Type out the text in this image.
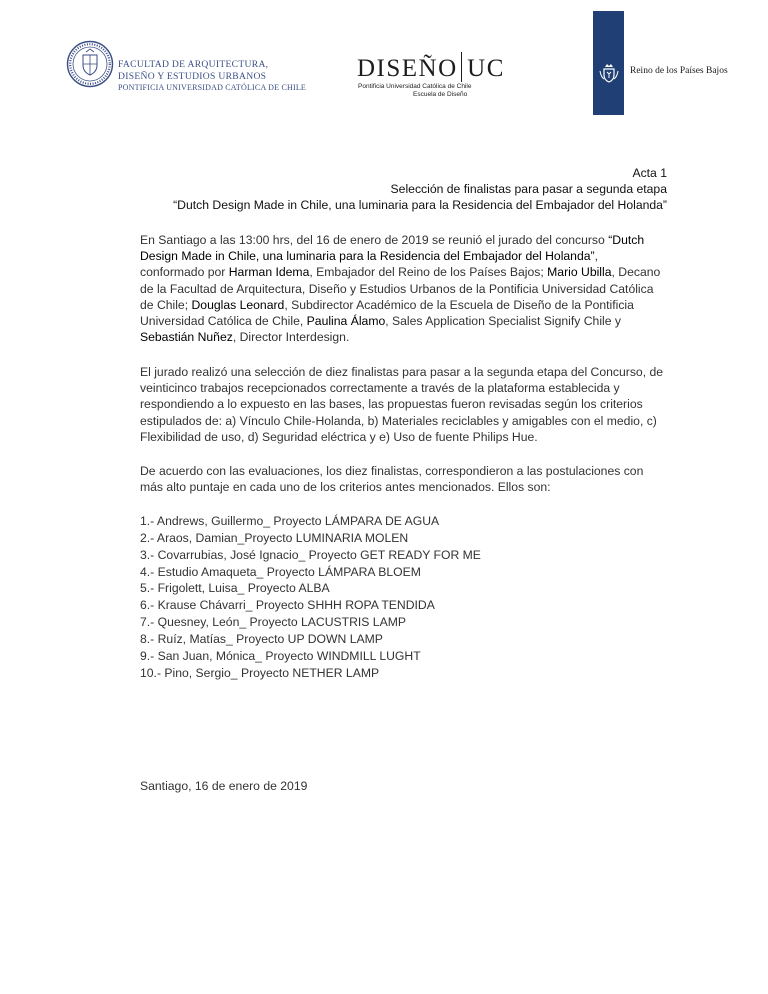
FACULTAD DE ARQUITECTURA,
DISEÑO Y ESTUDIOS URBANOS
PONTIFICIA UNIVERSIDAD CATÓLICA DE CHILE
DISEÑO UC
Pontificia Universidad Católica de Chile
Escuela de Diseño
Reino de los Países Bajos
Acta 1
Selección de finalistas para pasar a segunda etapa
“Dutch Design Made in Chile, una luminaria para la Residencia del Embajador del Holanda”
En Santiago a las 13:00 hrs, del 16 de enero de 2019 se reunió el jurado del concurso “Dutch Design Made in Chile, una luminaria para la Residencia del Embajador del Holanda”, conformado por Harman Idema, Embajador del Reino de los Países Bajos; Mario Ubilla, Decano de la Facultad de Arquitectura, Diseño y Estudios Urbanos de la Pontificia Universidad Católica de Chile; Douglas Leonard, Subdirector Académico de la Escuela de Diseño de la Pontificia Universidad Católica de Chile, Paulina Álamo, Sales Application Specialist Signify Chile y Sebastián Nuñez, Director Interdesign.
El jurado realizó una selección de diez finalistas para pasar a la segunda etapa del Concurso, de veinticinco trabajos recepcionados correctamente a través de la plataforma establecida y respondiendo a lo expuesto en las bases, las propuestas fueron revisadas según los criterios estipulados de: a) Vínculo Chile-Holanda, b) Materiales reciclables y amigables con el medio, c) Flexibilidad de uso, d) Seguridad eléctrica y e) Uso de fuente Philips Hue.
De acuerdo con las evaluaciones, los diez finalistas, correspondieron a las postulaciones con más alto puntaje en cada uno de los criterios antes mencionados. Ellos son:
1.- Andrews, Guillermo_ Proyecto LÁMPARA DE AGUA
2.- Araos, Damian_Proyecto LUMINARIA MOLEN
3.- Covarrubias, José Ignacio_ Proyecto GET READY FOR ME
4.- Estudio Amaqueta_ Proyecto LÁMPARA BLOEM
5.- Frigolett, Luisa_ Proyecto ALBA
6.- Krause Chávarri_ Proyecto SHHH ROPA TENDIDA
7.- Quesney, León_ Proyecto LACUSTRIS LAMP
8.- Ruíz, Matías_ Proyecto UP DOWN LAMP
9.- San Juan, Mónica_ Proyecto WINDMILL LUGHT
10.- Pino, Sergio_ Proyecto NETHER LAMP
Santiago, 16 de enero de 2019
